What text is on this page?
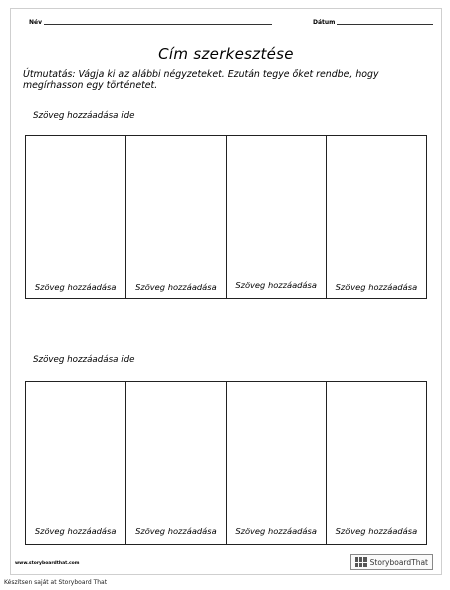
Név	Dátum
Cím szerkesztése
Útmutatás: Vágja ki az alábbi négyzeteket. Ezután tegye őket rendbe, hogy megírhasson egy történetet.
Szöveg hozzáadása ide
Szöveg hozzáadása	Szöveg hozzáadása	Szöveg hozzáadása	Szöveg hozzáadása
Szöveg hozzáadása ide
Szöveg hozzáadása	Szöveg hozzáadása	Szöveg hozzáadása	Szöveg hozzáadása
www.storyboardthat.com	StoryboardThat
Készítsen saját at Storyboard That
